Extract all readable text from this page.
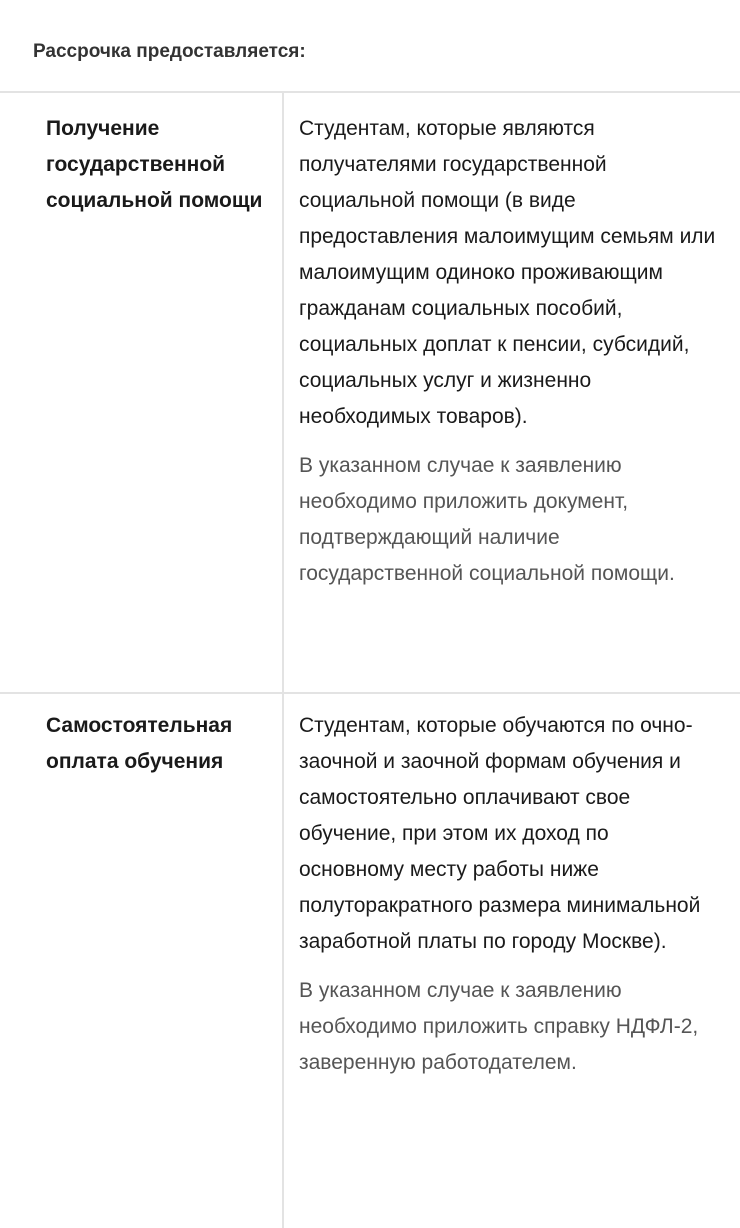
Рассрочка предоставляется:
Получение государственной социальной помощи

Студентам, которые являются получателями государственной социальной помощи (в виде предоставления малоимущим семьям или малоимущим одиноко проживающим гражданам социальных пособий, социальных доплат к пенсии, субсидий, социальных услуг и жизненно необходимых товаров).

В указанном случае к заявлению необходимо приложить документ, подтверждающий наличие государственной социальной помощи.

Самостоятельная оплата обучения

Студентам, которые обучаются по очно-заочной и заочной формам обучения и самостоятельно оплачивают свое обучение, при этом их доход по основному месту работы ниже полуторакратного размера минимальной заработной платы по городу Москве).

В указанном случае к заявлению необходимо приложить справку НДФЛ-2, заверенную работодателем.
